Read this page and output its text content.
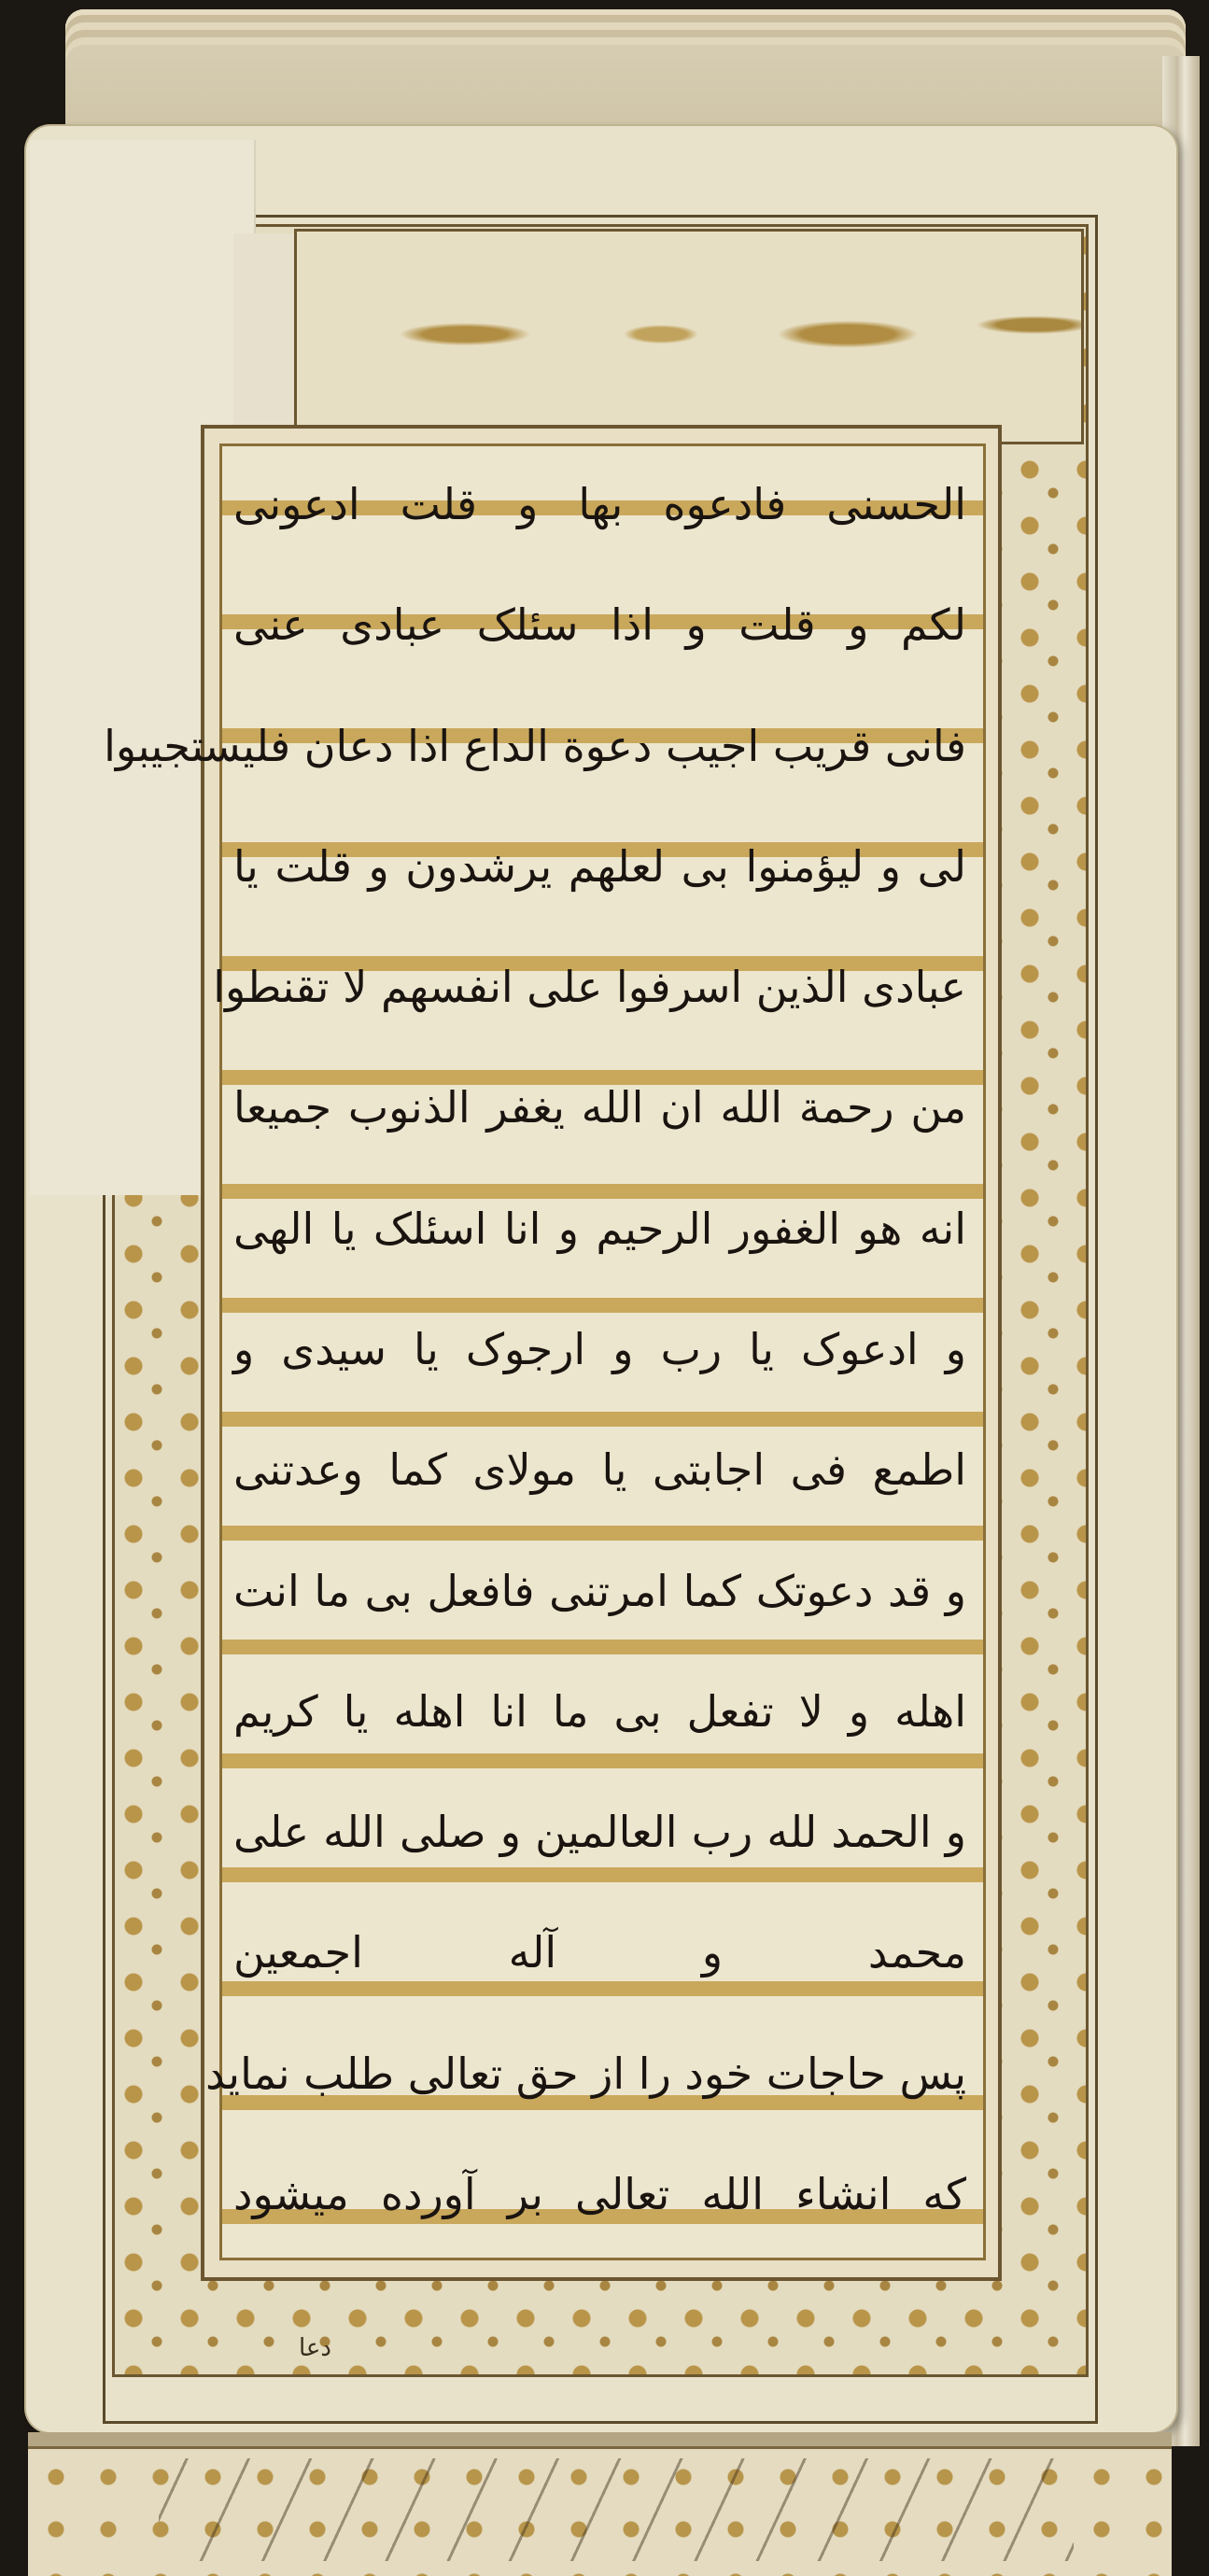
الحسنی فادعوه بها و قلت ادعونی
لکم و قلت و اذا سئلک عبادی عنی
فانی قریب اجیب دعوة الداع اذا دعان فلیستجیبوا
لی و لیؤمنوا بی لعلهم یرشدون و قلت یا
عبادی الذین اسرفوا علی انفسهم لا تقنطوا
من رحمة الله ان الله یغفر الذنوب جمیعا
انه هو الغفور الرحیم و انا اسئلک یا الهی
و ادعوک یا رب و ارجوک یا سیدی و
اطمع فی اجابتی یا مولای کما وعدتنی
و قد دعوتک کما امرتنی فافعل بی ما انت
اهله و لا تفعل بی ما انا اهله یا کریم
و الحمد لله رب العالمین و صلی الله علی
محمد و آله اجمعین
پس حاجات خود را از حق تعالی طلب نماید
که انشاء الله تعالی بر آورده میشود
دعا
